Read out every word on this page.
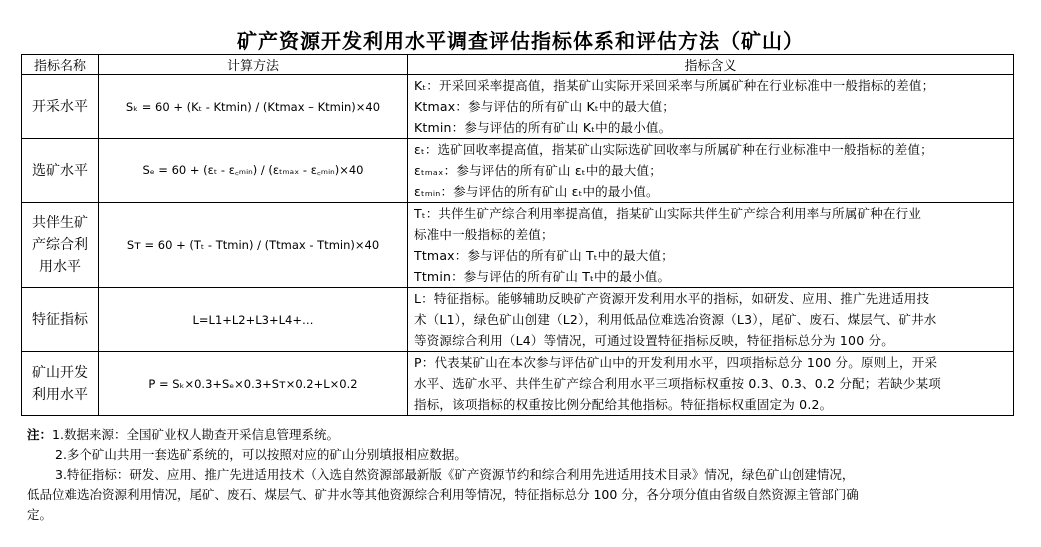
矿产资源开发利用水平调查评估指标体系和评估方法（矿山）
指标名称	计算方法	指标含义

开采水平	Sₖ = 60 + (Kₜ - Ktmin) / (Ktmax – Ktmin)×40	Kₜ：开采回采率提高值，指某矿山实际开采回采率与所属矿种在行业标准中一般指标的差值；
Ktmax：参与评估的所有矿山 Kₜ中的最大值；
Ktmin：参与评估的所有矿山 Kₜ中的最小值。

选矿水平	Sₑ = 60 + (εₜ - ε꜀ₘᵢₙ) / (εₜₘₐₓ - ε꜀ₘᵢₙ)×40	εₜ：选矿回收率提高值，指某矿山实际选矿回收率与所属矿种在行业标准中一般指标的差值；
εₜₘₐₓ：参与评估的所有矿山 εₜ中的最大值；
εₜₘᵢₙ：参与评估的所有矿山 εₜ中的最小值。

共伴生矿
产综合利
用水平	Sᴛ = 60 + (Tₜ - Ttmin) / (Ttmax - Ttmin)×40	Tₜ：共伴生矿产综合利用率提高值，指某矿山实际共伴生矿产综合利用率与所属矿种在行业
标准中一般指标的差值；
Ttmax：参与评估的所有矿山 Tₜ中的最大值；
Ttmin：参与评估的所有矿山 Tₜ中的最小值。

特征指标	L=L1+L2+L3+L4+…	L：特征指标。能够辅助反映矿产资源开发利用水平的指标，如研发、应用、推广先进适用技
术（L1），绿色矿山创建（L2），利用低品位难选冶资源（L3），尾矿、废石、煤层气、矿井水
等资源综合利用（L4）等情况，可通过设置特征指标反映，特征指标总分为 100 分。

矿山开发
利用水平	P = Sₖ×0.3+Sₑ×0.3+Sᴛ×0.2+L×0.2	P：代表某矿山在本次参与评估矿山中的开发利用水平，四项指标总分 100 分。原则上，开采
水平、选矿水平、共伴生矿产综合利用水平三项指标权重按 0.3、0.3、0.2 分配；若缺少某项
指标，该项指标的权重按比例分配给其他指标。特征指标权重固定为 0.2。
注：1.数据来源：全国矿业权人勘查开采信息管理系统。
2.多个矿山共用一套选矿系统的，可以按照对应的矿山分别填报相应数据。
3.特征指标：研发、应用、推广先进适用技术（入选自然资源部最新版《矿产资源节约和综合利用先进适用技术目录》情况，绿色矿山创建情况，
低品位难选冶资源利用情况，尾矿、废石、煤层气、矿井水等其他资源综合利用等情况，特征指标总分 100 分，各分项分值由省级自然资源主管部门确
定。
